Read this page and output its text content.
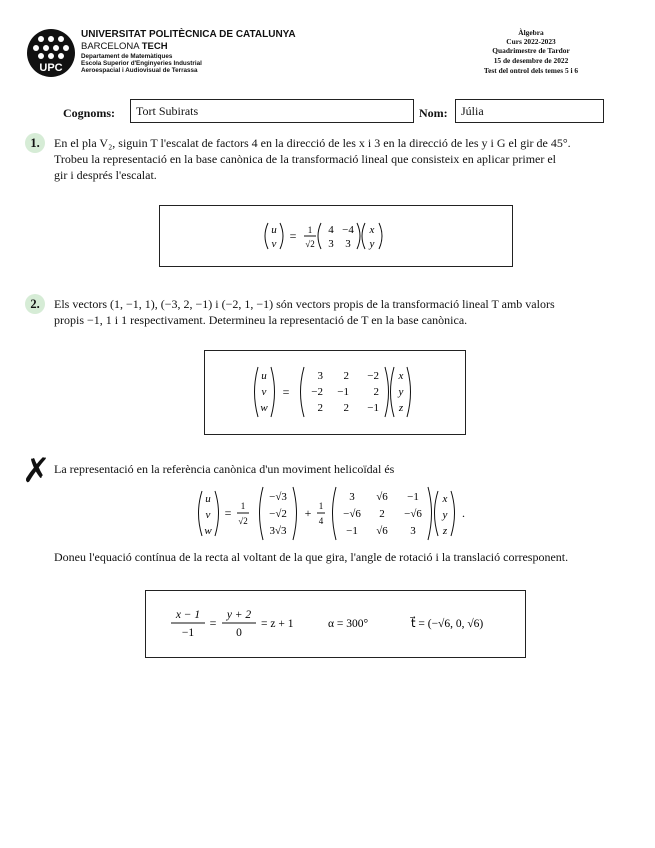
UPC
UNIVERSITAT POLITÈCNICA DE CATALUNYA
BARCELONA TECH
Departament de Matemàtiques
Escola Superior d'Enginyeries Industrial
Aeroespacial i Audiovisual de Terrassa
Àlgebra
Curs 2022-2023
Quadrimestre de Tardor
15 de desembre de 2022
Test del ontrol dels temes 5 i 6
Cognoms:	Tort Subirats	Nom:	Júlia
1.	En el pla V₂, siguin T l'escalat de factors 4 en la direcció de les x i 3 en la direcció de les y i G el gir de 45°.
Trobeu la representació en la base canònica de la transformació lineal que consisteix en aplicar primer el
gir i després l'escalat.
u
v
= 1
√2
4 −4
3 3
x
y
2.	Els vectors (1, −1, 1), (−3, 2, −1) i (−2, 1, −1) són vectors propis de la transformació lineal T amb valors
propis −1, 1 i 1 respectivament. Determineu la representació de T en la base canònica.
u
v
w
=
3 2 −2
−2 −1 2
2 2 −1
x
y
z
✗ La representació en la referència canònica d'un moviment helicoïdal és
u
v
w
= 1
√2
−√3
−√2
3√3
+ 1
4
3 √6 −1
−√6 2 −√6
−1 √6 3
x
y
z
.
Doneu l'equació contínua de la recta al voltant de la que gira, l'angle de rotació i la translació corresponent.
x − 1
−1
=
y + 2
0
= z + 1	α = 300°	t⃗ = (−√6, 0, √6)
